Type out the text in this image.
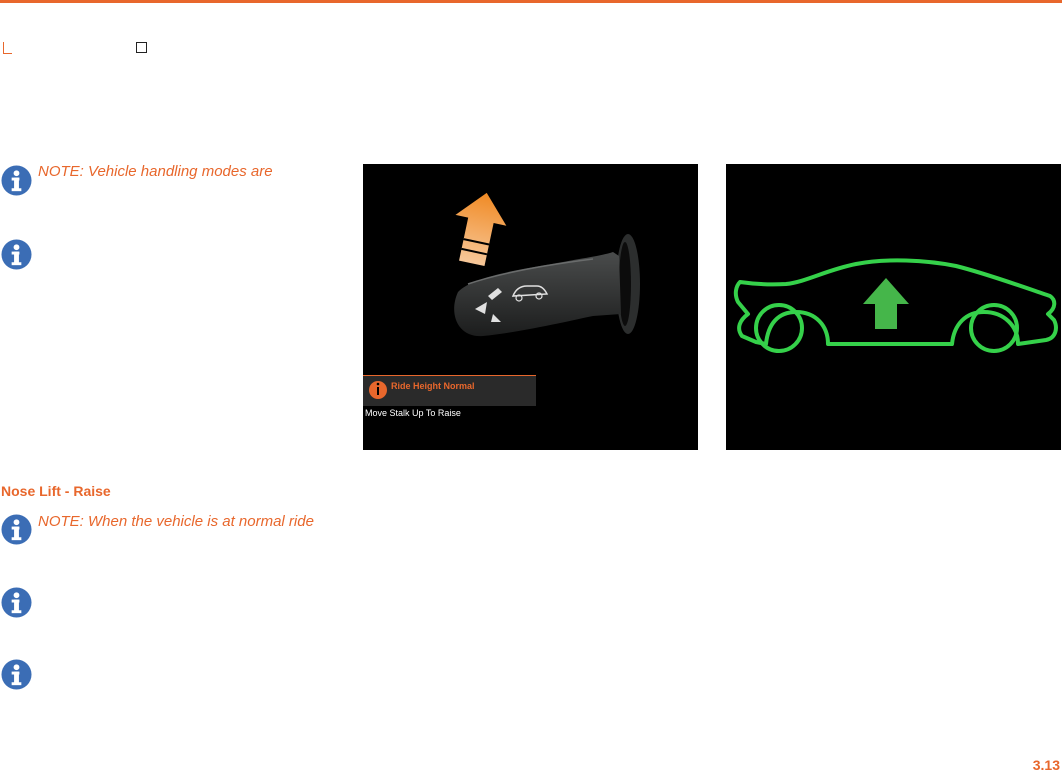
NOTE: Vehicle handling modes are
Nose Lift - Raise
NOTE: When the vehicle is at normal ride
Ride Height Normal
Move Stalk Up To Raise
3.13
